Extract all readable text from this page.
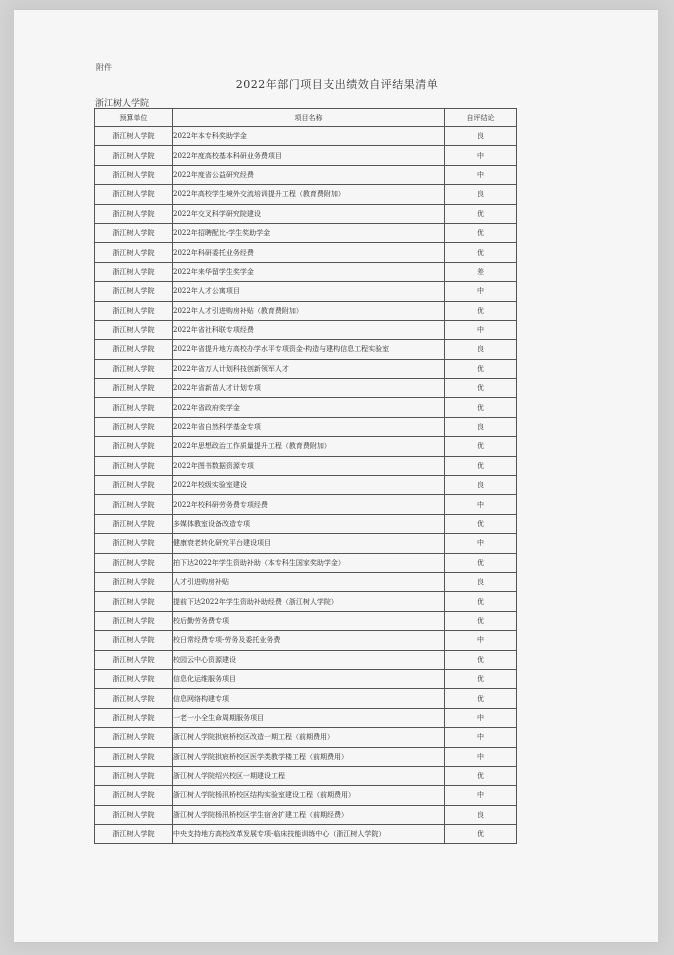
附件
2022年部门项目支出绩效自评结果清单
浙江树人学院
预算单位	项目名称	自评结论
浙江树人学院	2022年本专科奖助学金	良
浙江树人学院	2022年度高校基本科研业务费项目	中
浙江树人学院	2022年度省公益研究经费	中
浙江树人学院	2022年高校学生境外交流培训提升工程（教育费附加）	良
浙江树人学院	2022年交叉科学研究院建设	优
浙江树人学院	2022年招聘配比-学生奖助学金	优
浙江树人学院	2022年科研委托业务经费	优
浙江树人学院	2022年来华留学生奖学金	差
浙江树人学院	2022年人才公寓项目	中
浙江树人学院	2022年人才引进购房补贴（教育费附加）	优
浙江树人学院	2022年省社科联专项经费	中
浙江树人学院	2022年省提升地方高校办学水平专项资金-构造与建构信息工程实验室	良
浙江树人学院	2022年省万人计划科技创新领军人才	优
浙江树人学院	2022年省新苗人才计划专项	优
浙江树人学院	2022年省政府奖学金	优
浙江树人学院	2022年省自然科学基金专项	良
浙江树人学院	2022年思想政治工作质量提升工程（教育费附加）	优
浙江树人学院	2022年图书数据资源专项	优
浙江树人学院	2022年校级实验室建设	良
浙江树人学院	2022年校科研劳务费专项经费	中
浙江树人学院	多媒体教室设备改造专项	优
浙江树人学院	健康衰老转化研究平台建设项目	中
浙江树人学院	拍下达2022年学生资助补助（本专科生国家奖助学金）	优
浙江树人学院	人才引进购房补贴	良
浙江树人学院	提前下达2022年学生资助补助经费（浙江树人学院）	优
浙江树人学院	校后勤劳务费专项	优
浙江树人学院	校日常经费专项-劳务及委托业务费	中
浙江树人学院	校园云中心资源建设	优
浙江树人学院	信息化运维服务项目	优
浙江树人学院	信息网络构建专项	优
浙江树人学院	一老一小全生命周期服务项目	中
浙江树人学院	浙江树人学院拱宸桥校区改造一期工程（前期费用）	中
浙江树人学院	浙江树人学院拱宸桥校区医学类教学楼工程（前期费用）	中
浙江树人学院	浙江树人学院绍兴校区一期建设工程	优
浙江树人学院	浙江树人学院杨汛桥校区结构实验室建设工程（前期费用）	中
浙江树人学院	浙江树人学院杨汛桥校区学生宿舍扩建工程（前期经费）	良
浙江树人学院	中央支持地方高校改革发展专项-临床技能训练中心（浙江树人学院）	优
